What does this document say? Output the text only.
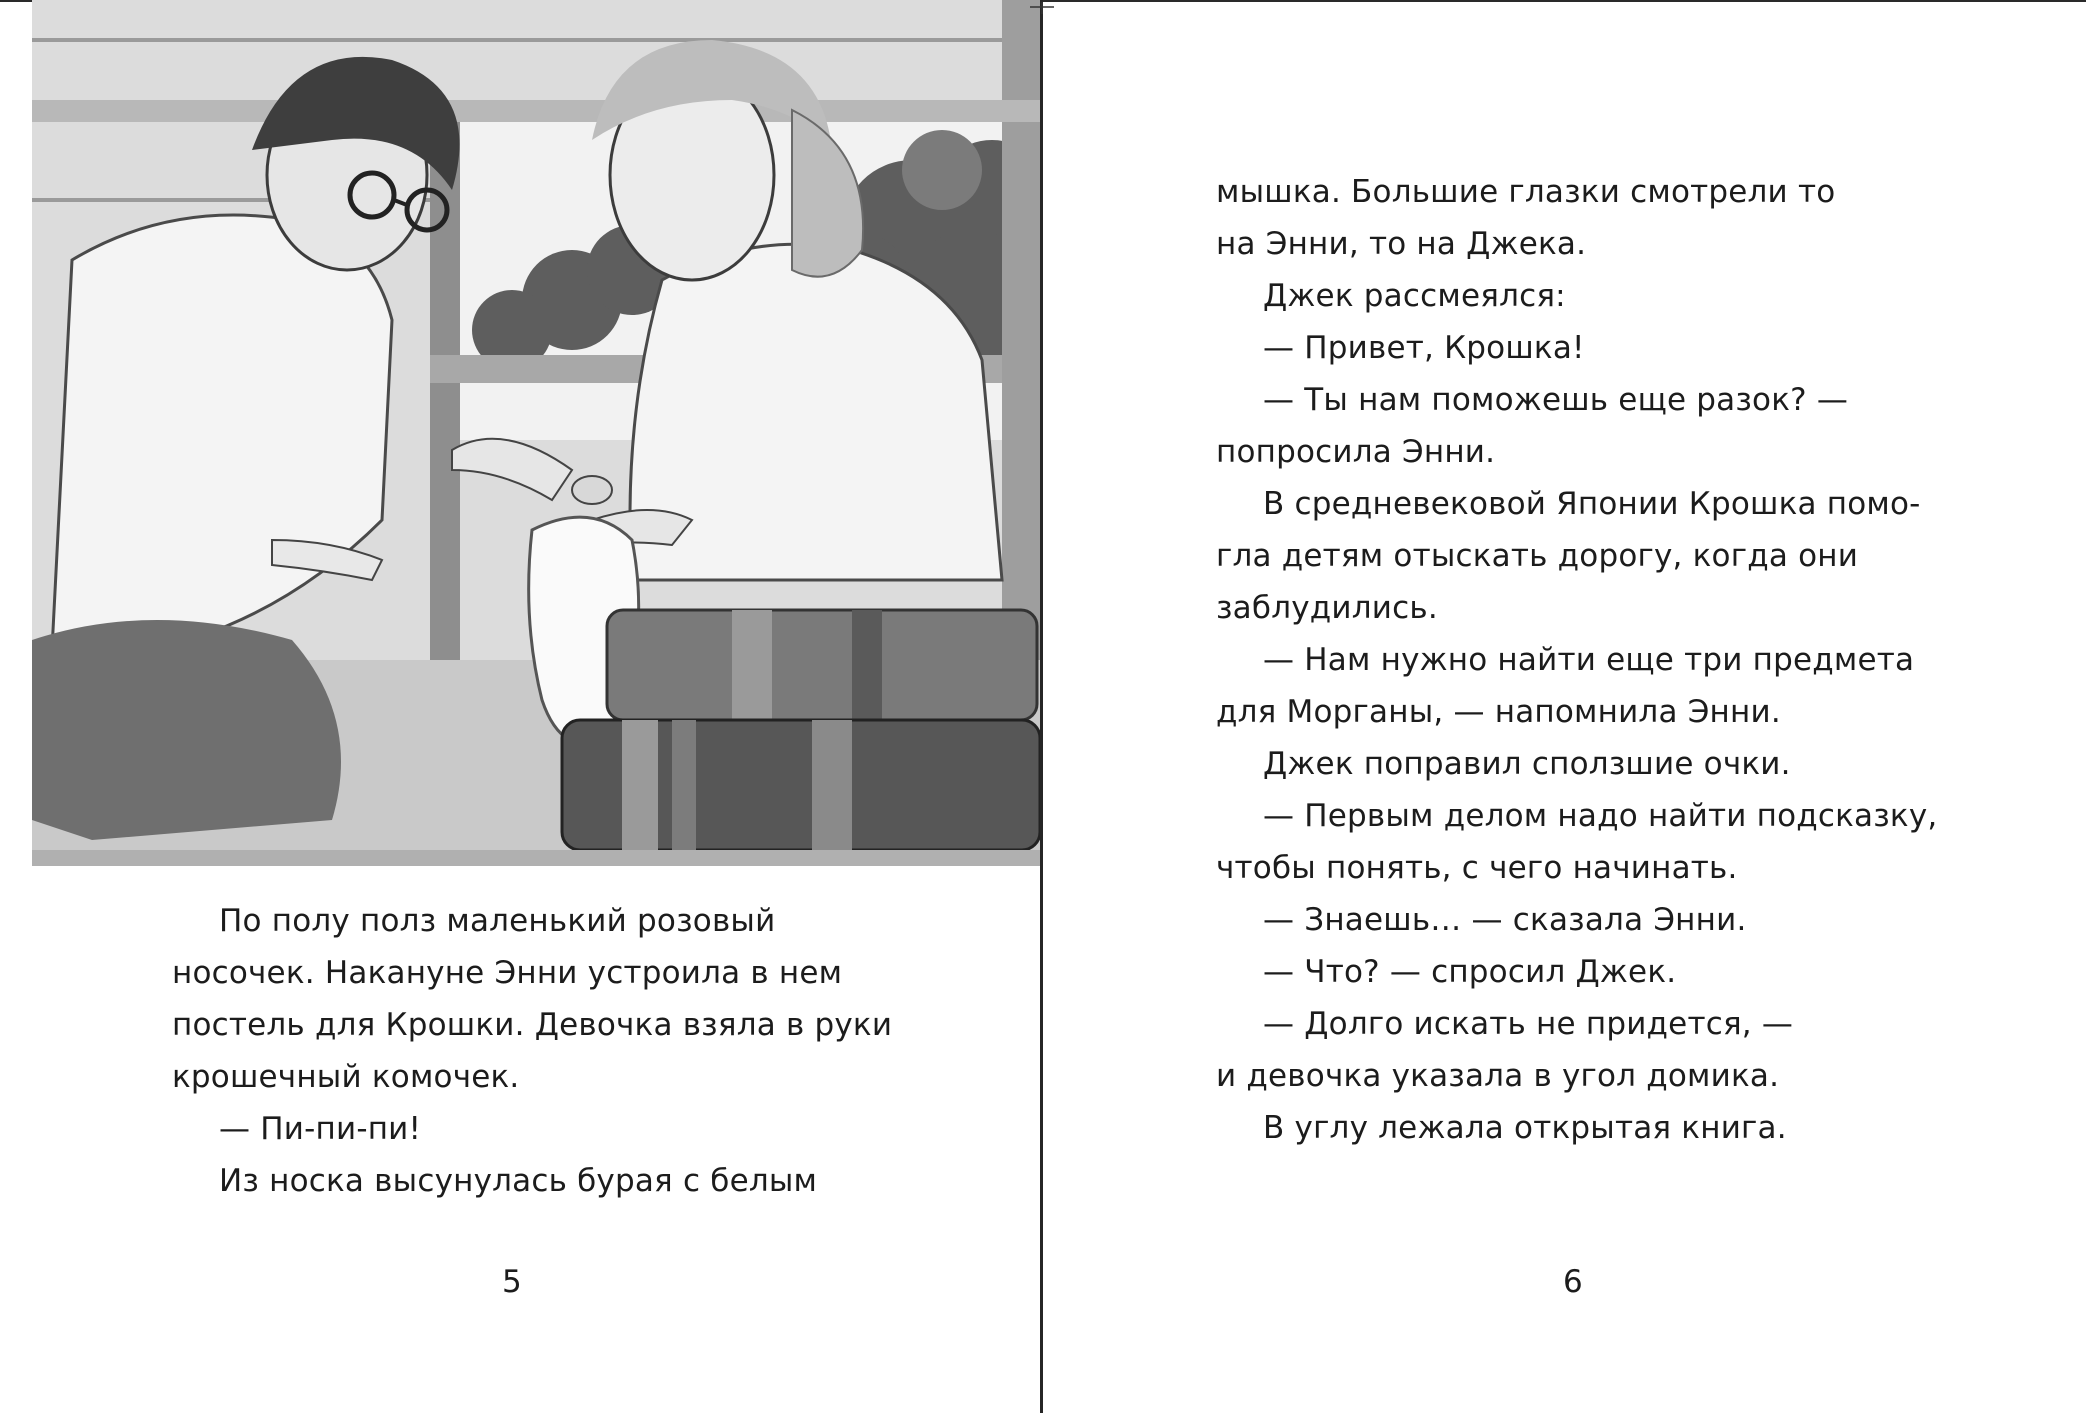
По полу полз маленький розовый
носочек. Накануне Энни устроила в нем
постель для Крошки. Девочка взяла в руки
крошечный комочек.
— Пи-пи-пи!
Из носка высунулась бурая с белым
5
мышка. Большие глазки смотрели то
на Энни, то на Джека.
Джек рассмеялся:
— Привет, Крошка!
— Ты нам поможешь еще разок? —
попросила Энни.
В средневековой Японии Крошка помо-
гла детям отыскать дорогу, когда они
заблудились.
— Нам нужно найти еще три предмета
для Морганы, — напомнила Энни.
Джек поправил сползшие очки.
— Первым делом надо найти подсказку,
чтобы понять, с чего начинать.
— Знаешь… — сказала Энни.
— Что? — спросил Джек.
— Долго искать не придется, —
и девочка указала в угол домика.
В углу лежала открытая книга.
6
